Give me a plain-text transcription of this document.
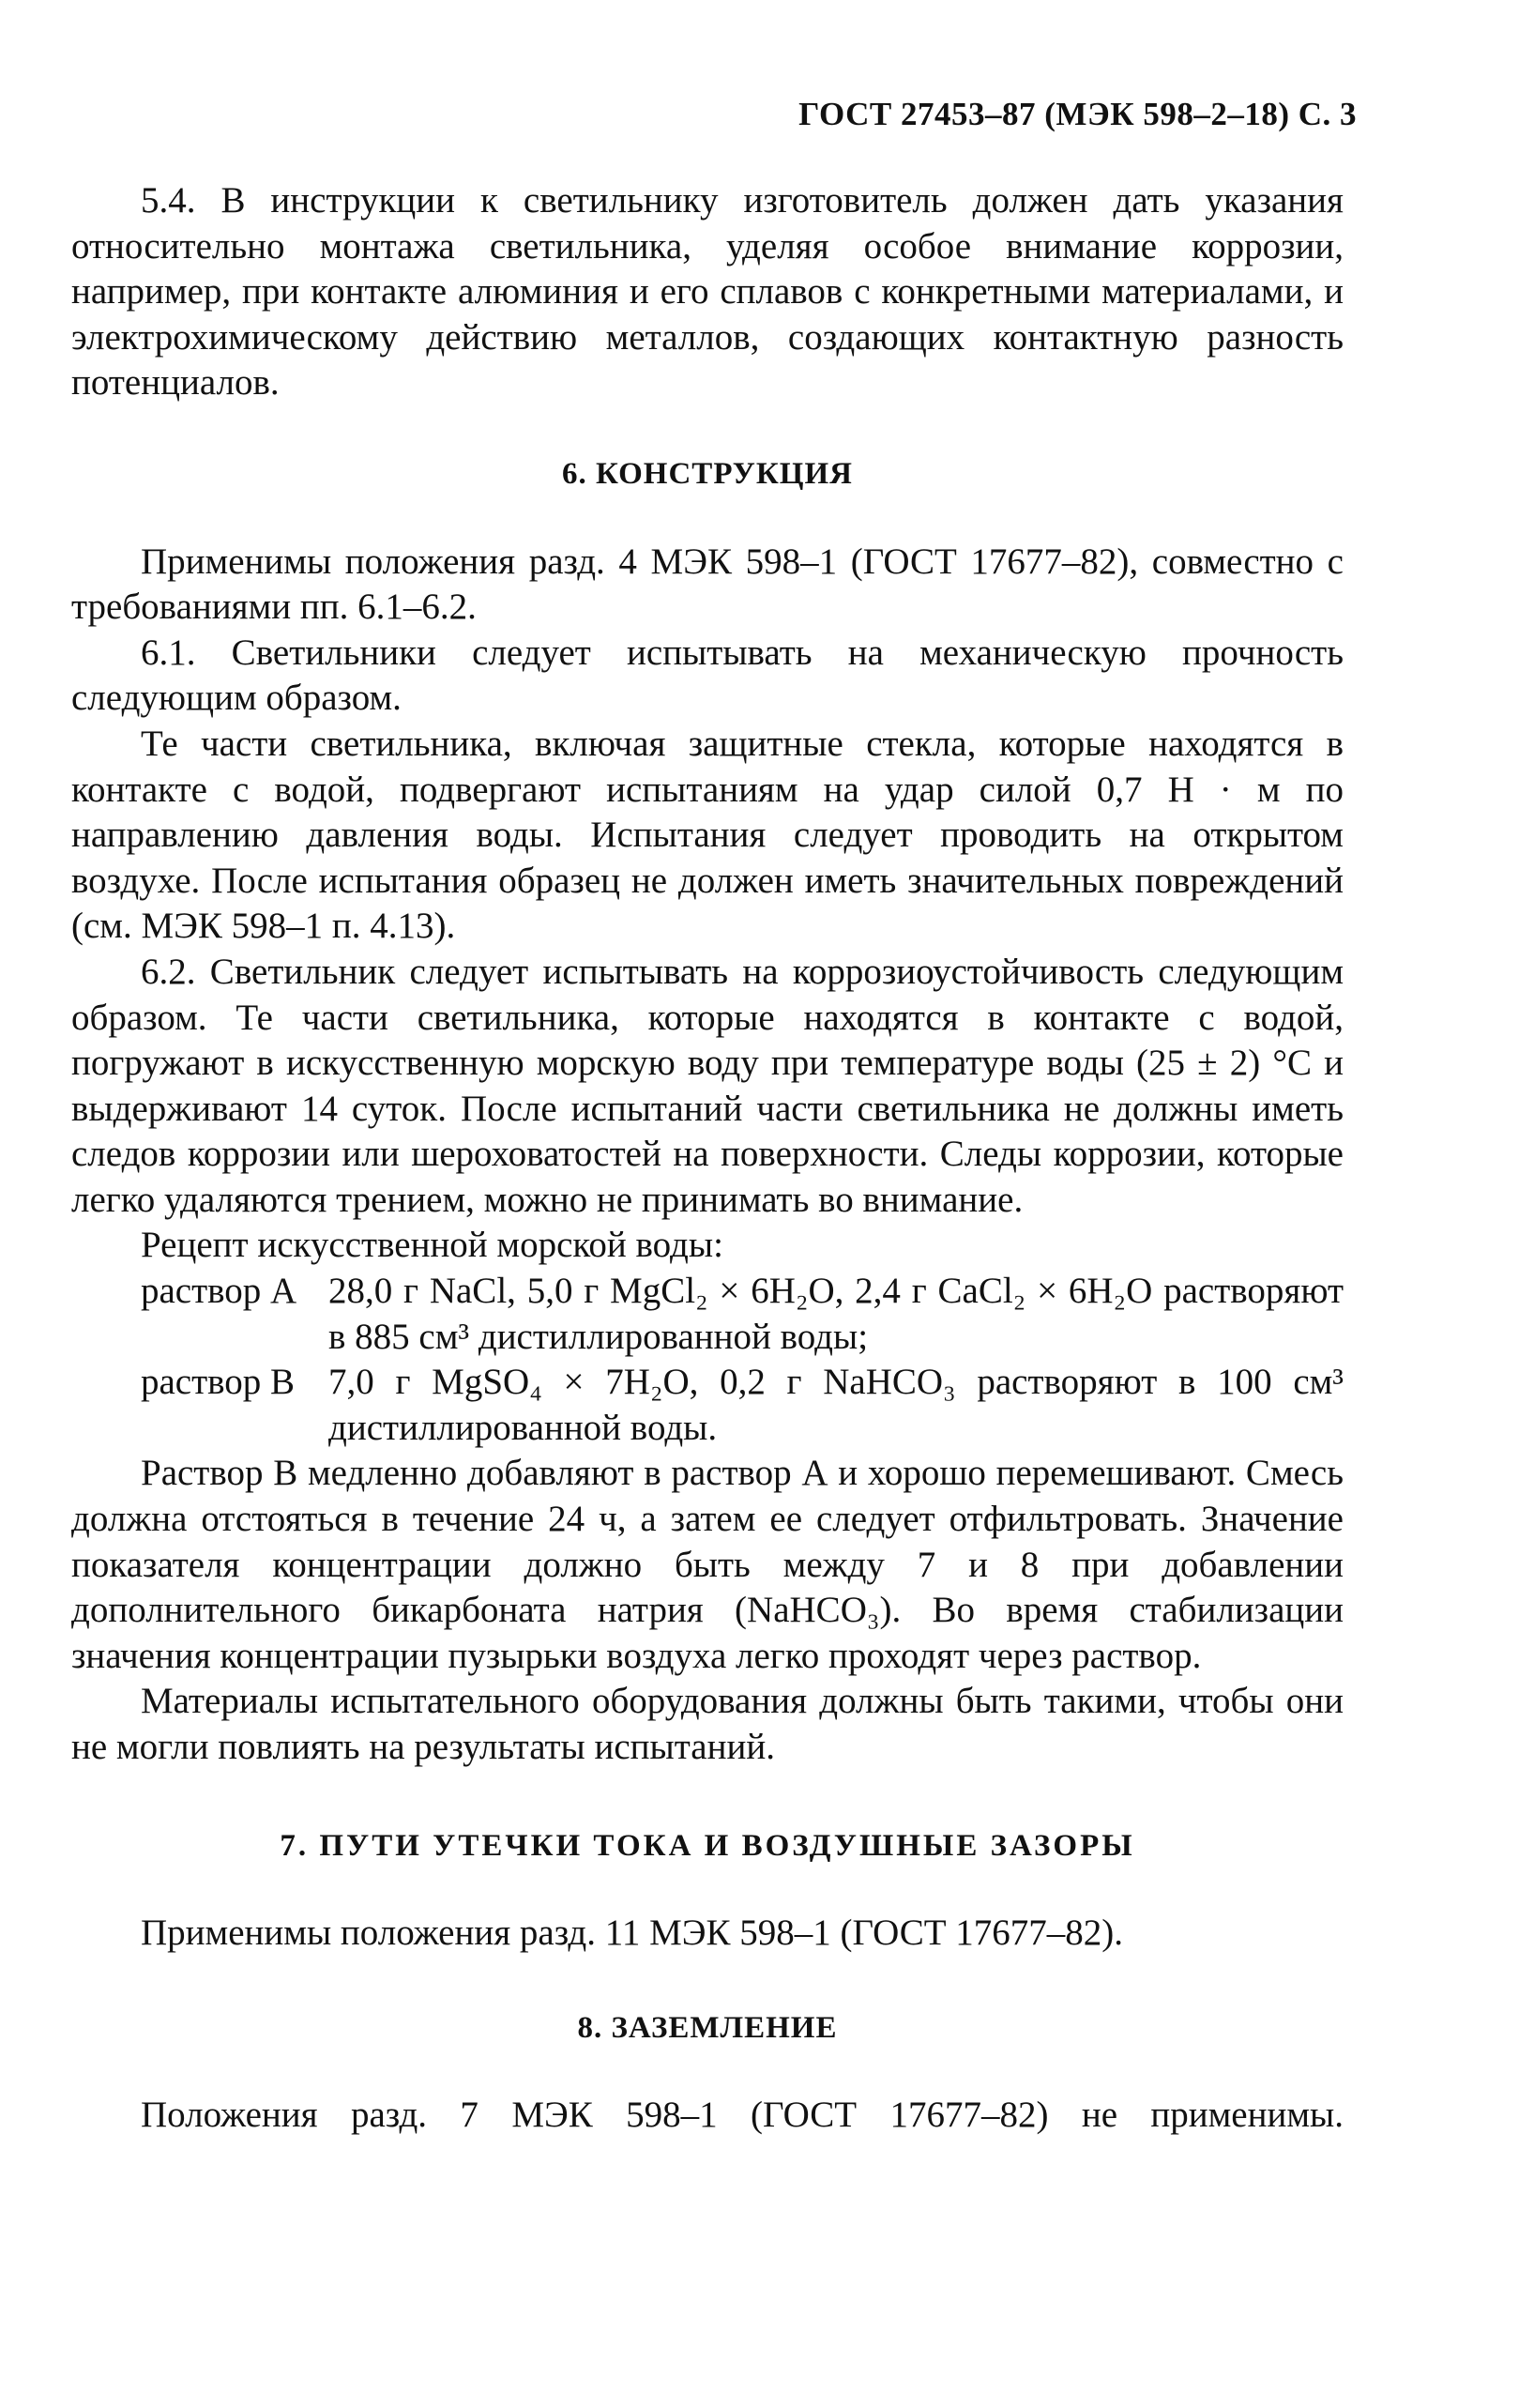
ГОСТ 27453–87 (МЭК 598–2–18) С. 3

5.4. В инструкции к светильнику изготовитель должен дать указания относительно монтажа светильника, уделяя особое внимание коррозии, например, при контакте алюминия и его сплавов с конкретными материалами, и электрохимическому действию металлов, создающих контактную разность потенциалов.

6. КОНСТРУКЦИЯ

Применимы положения разд. 4 МЭК 598–1 (ГОСТ 17677–82), совместно с требованиями пп. 6.1–6.2.

6.1. Светильники следует испытывать на механическую прочность следующим образом.

Те части светильника, включая защитные стекла, которые находятся в контакте с водой, подвергают испытаниям на удар силой 0,7 Н · м по направлению давления воды. Испытания следует проводить на открытом воздухе. После испытания образец не должен иметь значительных повреждений (см. МЭК 598–1 п. 4.13).

6.2. Светильник следует испытывать на коррозиоустойчивость следующим образом. Те части светильника, которые находятся в контакте с водой, погружают в искусственную морскую воду при температуре воды (25 ± 2) °С и выдерживают 14 суток. После испытаний части светильника не должны иметь следов коррозии или шероховатостей на поверхности. Следы коррозии, которые легко удаляются трением, можно не принимать во внимание.

Рецепт искусственной морской воды:

раствор А 28,0 г NaCl, 5,0 г MgCl₂ × 6H₂O, 2,4 г CaCl₂ × 6H₂O растворяют в 885 см³ дистиллированной воды;
раствор В 7,0 г MgSO₄ × 7H₂O, 0,2 г NaHCO₃ растворяют в 100 см³ дистиллированной воды.

Раствор В медленно добавляют в раствор А и хорошо перемешивают. Смесь должна отстояться в течение 24 ч, а затем ее следует отфильтровать. Значение показателя концентрации должно быть между 7 и 8 при добавлении дополнительного бикарбоната натрия (NaHCO₃). Во время стабилизации значения концентрации пузырьки воздуха легко проходят через раствор.

Материалы испытательного оборудования должны быть такими, чтобы они не могли повлиять на результаты испытаний.

7. ПУТИ УТЕЧКИ ТОКА И ВОЗДУШНЫЕ ЗАЗОРЫ

Применимы положения разд. 11 МЭК 598–1 (ГОСТ 17677–82).

8. ЗАЗЕМЛЕНИЕ

Положения разд. 7 МЭК 598–1 (ГОСТ 17677–82) не применимы.
